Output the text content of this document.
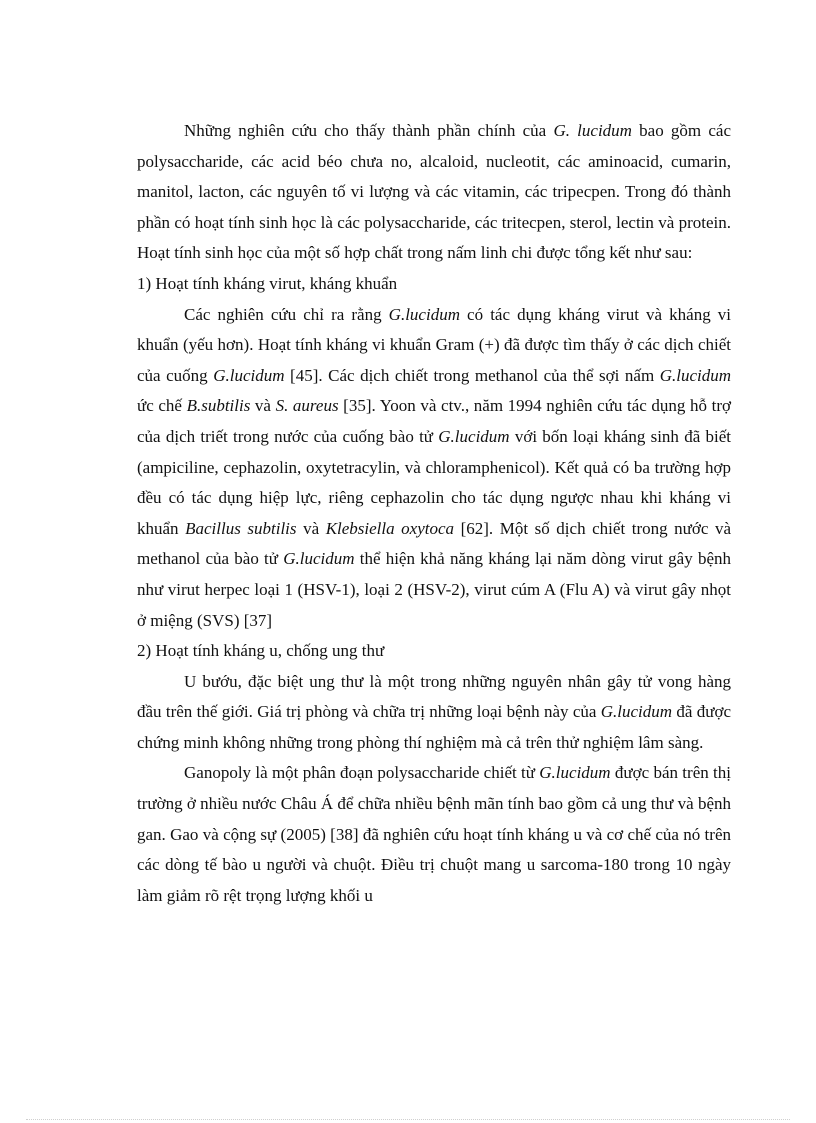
Những nghiên cứu cho thấy thành phần chính của G. lucidum bao gồm các polysaccharide, các acid béo chưa no, alcaloid, nucleotit, các aminoacid, cumarin, manitol, lacton, các nguyên tố vi lượng và các vitamin, các tripecpen. Trong đó thành phần có hoạt tính sinh học là các polysaccharide, các tritecpen, sterol, lectin và protein. Hoạt tính sinh học của một số hợp chất trong nấm linh chi được tổng kết như sau:

1) Hoạt tính kháng virut, kháng khuẩn

Các nghiên cứu chỉ ra rằng G.lucidum có tác dụng kháng virut và kháng vi khuẩn (yếu hơn). Hoạt tính kháng vi khuẩn Gram (+) đã được tìm thấy ở các dịch chiết của cuống G.lucidum [45]. Các dịch chiết trong methanol của thể sợi nấm G.lucidum ức chế B.subtilis và S. aureus [35]. Yoon và ctv., năm 1994 nghiên cứu tác dụng hỗ trợ của dịch triết trong nước của cuống bào tử G.lucidum với bốn loại kháng sinh đã biết (ampiciline, cephazolin, oxytetracylin, và chloramphenicol). Kết quả có ba trường hợp đều có tác dụng hiệp lực, riêng cephazolin cho tác dụng ngược nhau khi kháng vi khuẩn Bacillus subtilis và Klebsiella oxytoca [62]. Một số dịch chiết trong nước và methanol của bào tử G.lucidum thể hiện khả năng kháng lại năm dòng virut gây bệnh như virut herpec loại 1 (HSV-1), loại 2 (HSV-2), virut cúm A (Flu A) và virut gây nhọt ở miệng (SVS) [37]

2) Hoạt tính kháng u, chống ung thư

U bướu, đặc biệt ung thư là một trong những nguyên nhân gây tử vong hàng đầu trên thế giới. Giá trị phòng và chữa trị những loại bệnh này của G.lucidum đã được chứng minh không những trong phòng thí nghiệm mà cả trên thử nghiệm lâm sàng.

Ganopoly là một phân đoạn polysaccharide chiết từ G.lucidum được bán trên thị trường ở nhiều nước Châu Á để chữa nhiều bệnh mãn tính bao gồm cả ung thư và bệnh gan. Gao và cộng sự (2005) [38] đã nghiên cứu hoạt tính kháng u và cơ chế của nó trên các dòng tế bào u người và chuột. Điều trị chuột mang u sarcoma-180 trong 10 ngày làm giảm rõ rệt trọng lượng khối u
